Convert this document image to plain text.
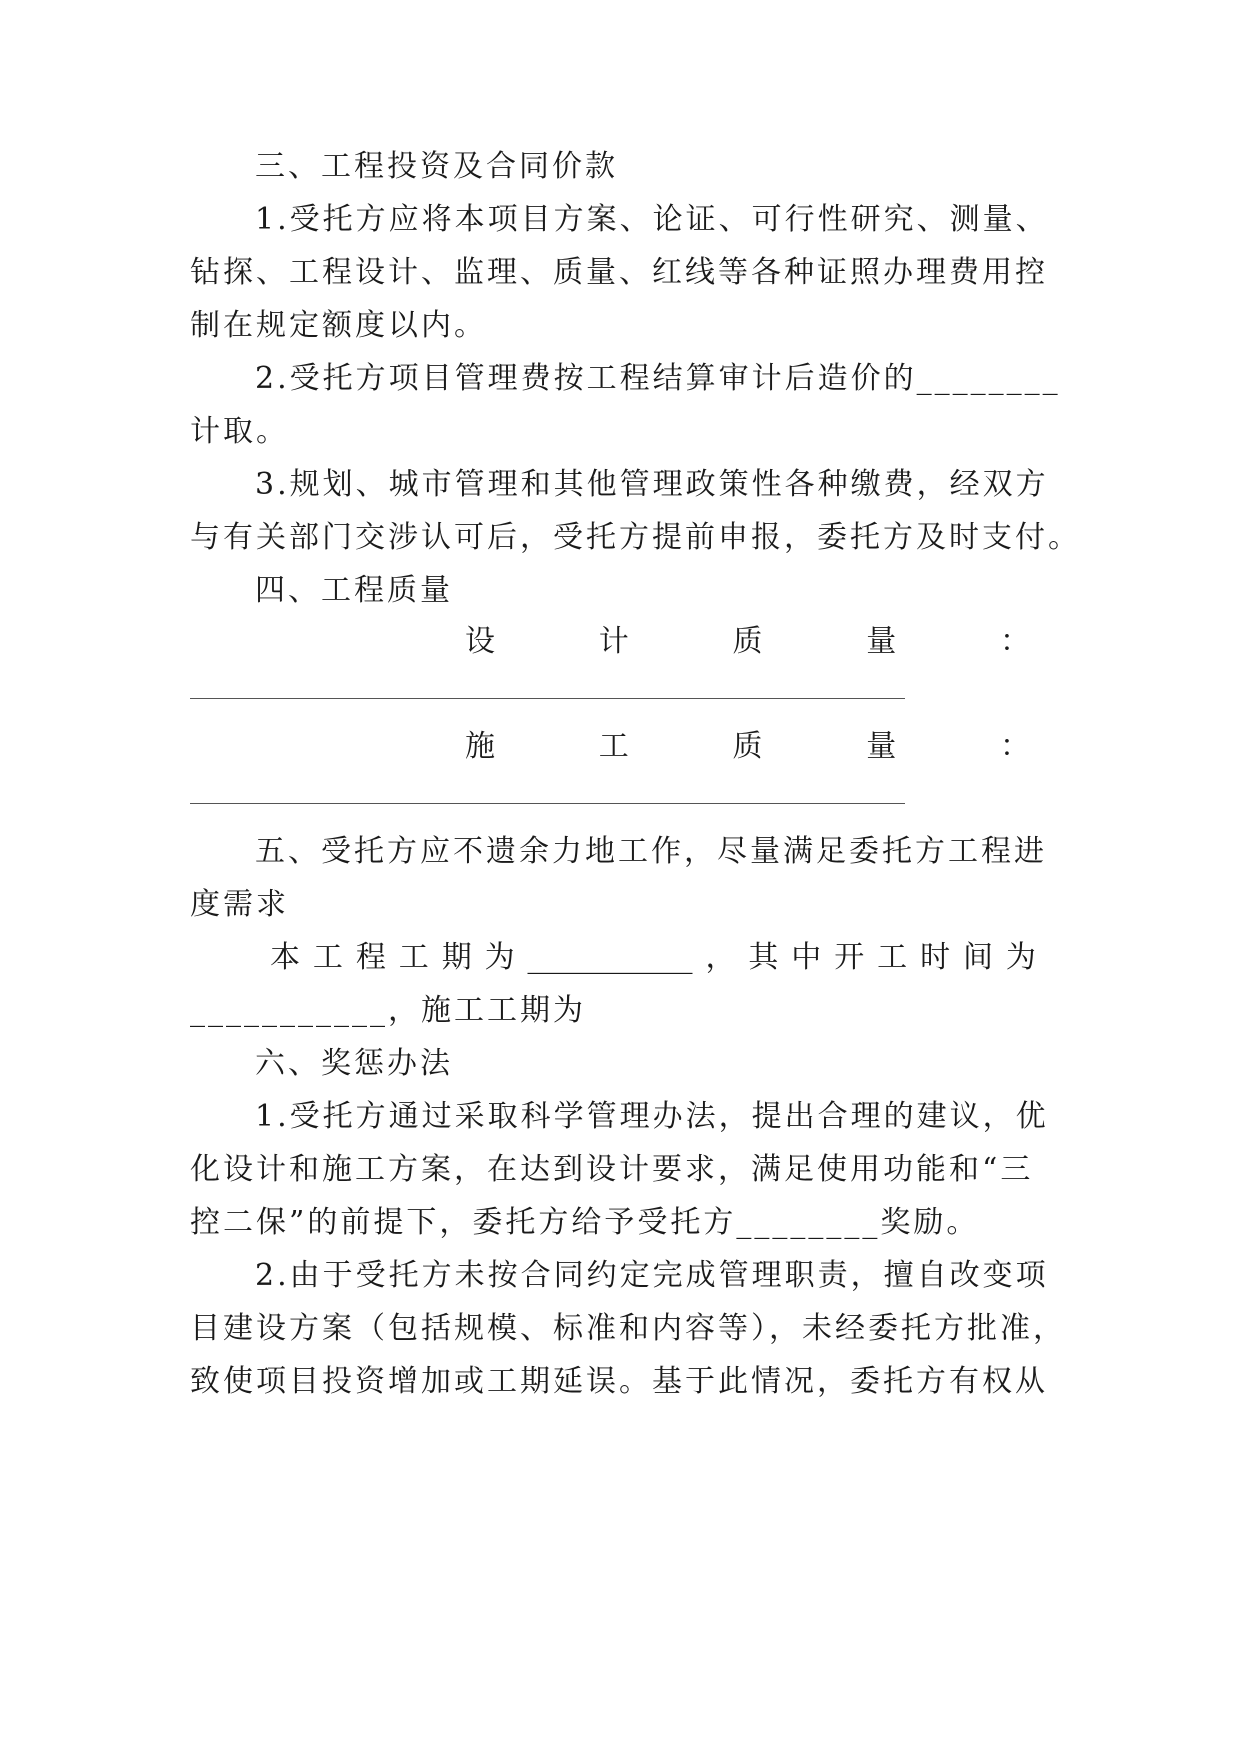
三、工程投资及合同价款
1.受托方应将本项目方案、论证、可行性研究、测量、
钻探、工程设计、监理、质量、红线等各种证照办理费用控
制在规定额度以内。
2.受托方项目管理费按工程结算审计后造价的________
计取。
3.规划、城市管理和其他管理政策性各种缴费，经双方
与有关部门交涉认可后，受托方提前申报，委托方及时支付。
四、工程质量
设	计	质	量	：
施	工	质	量	：
五、受托方应不遗余力地工作，尽量满足委托方工程进
度需求
本 工 程 工 期 为 ___________ ， 其 中 开 工 时 间 为
___________，施工工期为
六、奖惩办法
1.受托方通过采取科学管理办法，提出合理的建议，优
化设计和施工方案，在达到设计要求，满足使用功能和“三
控二保”的前提下，委托方给予受托方________奖励。
2.由于受托方未按合同约定完成管理职责，擅自改变项
目建设方案（包括规模、标准和内容等），未经委托方批准，
致使项目投资增加或工期延误。基于此情况，委托方有权从
